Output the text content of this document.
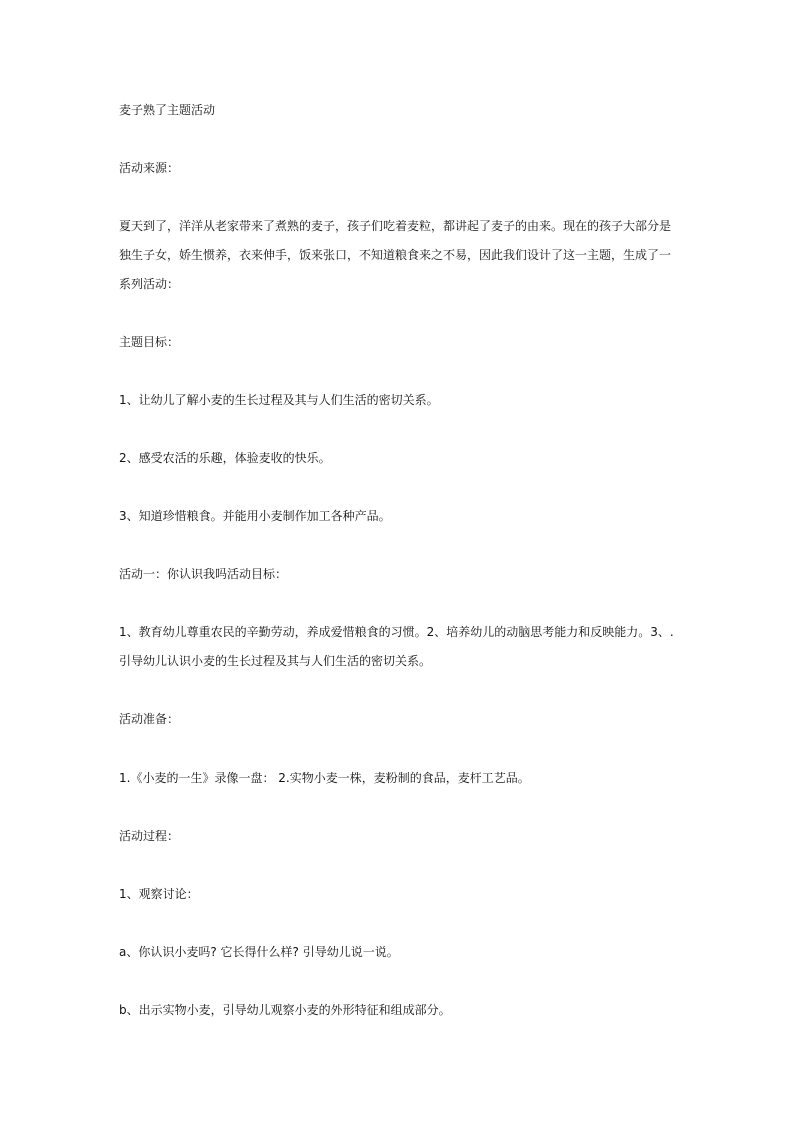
麦子熟了主题活动

活动来源：

夏天到了，洋洋从老家带来了煮熟的麦子，孩子们吃着麦粒，都讲起了麦子的由来。现在的孩子大部分是
独生子女，娇生惯养，衣来伸手，饭来张口，不知道粮食来之不易，因此我们设计了这一主题，生成了一
系列活动：

主题目标：

1、让幼儿了解小麦的生长过程及其与人们生活的密切关系。

2、感受农活的乐趣，体验麦收的快乐。

3、知道珍惜粮食。并能用小麦制作加工各种产品。

活动一：你认识我吗活动目标：

1、教育幼儿尊重农民的辛勤劳动，养成爱惜粮食的习惯。2、培养幼儿的动脑思考能力和反映能力。3、.
引导幼儿认识小麦的生长过程及其与人们生活的密切关系。

活动准备：

1.《小麦的一生》录像一盘： 2.实物小麦一株，麦粉制的食品，麦杆工艺品。

活动过程：

1、观察讨论：

a、你认识小麦吗? 它长得什么样? 引导幼儿说一说。

b、出示实物小麦，引导幼儿观察小麦的外形特征和组成部分。
